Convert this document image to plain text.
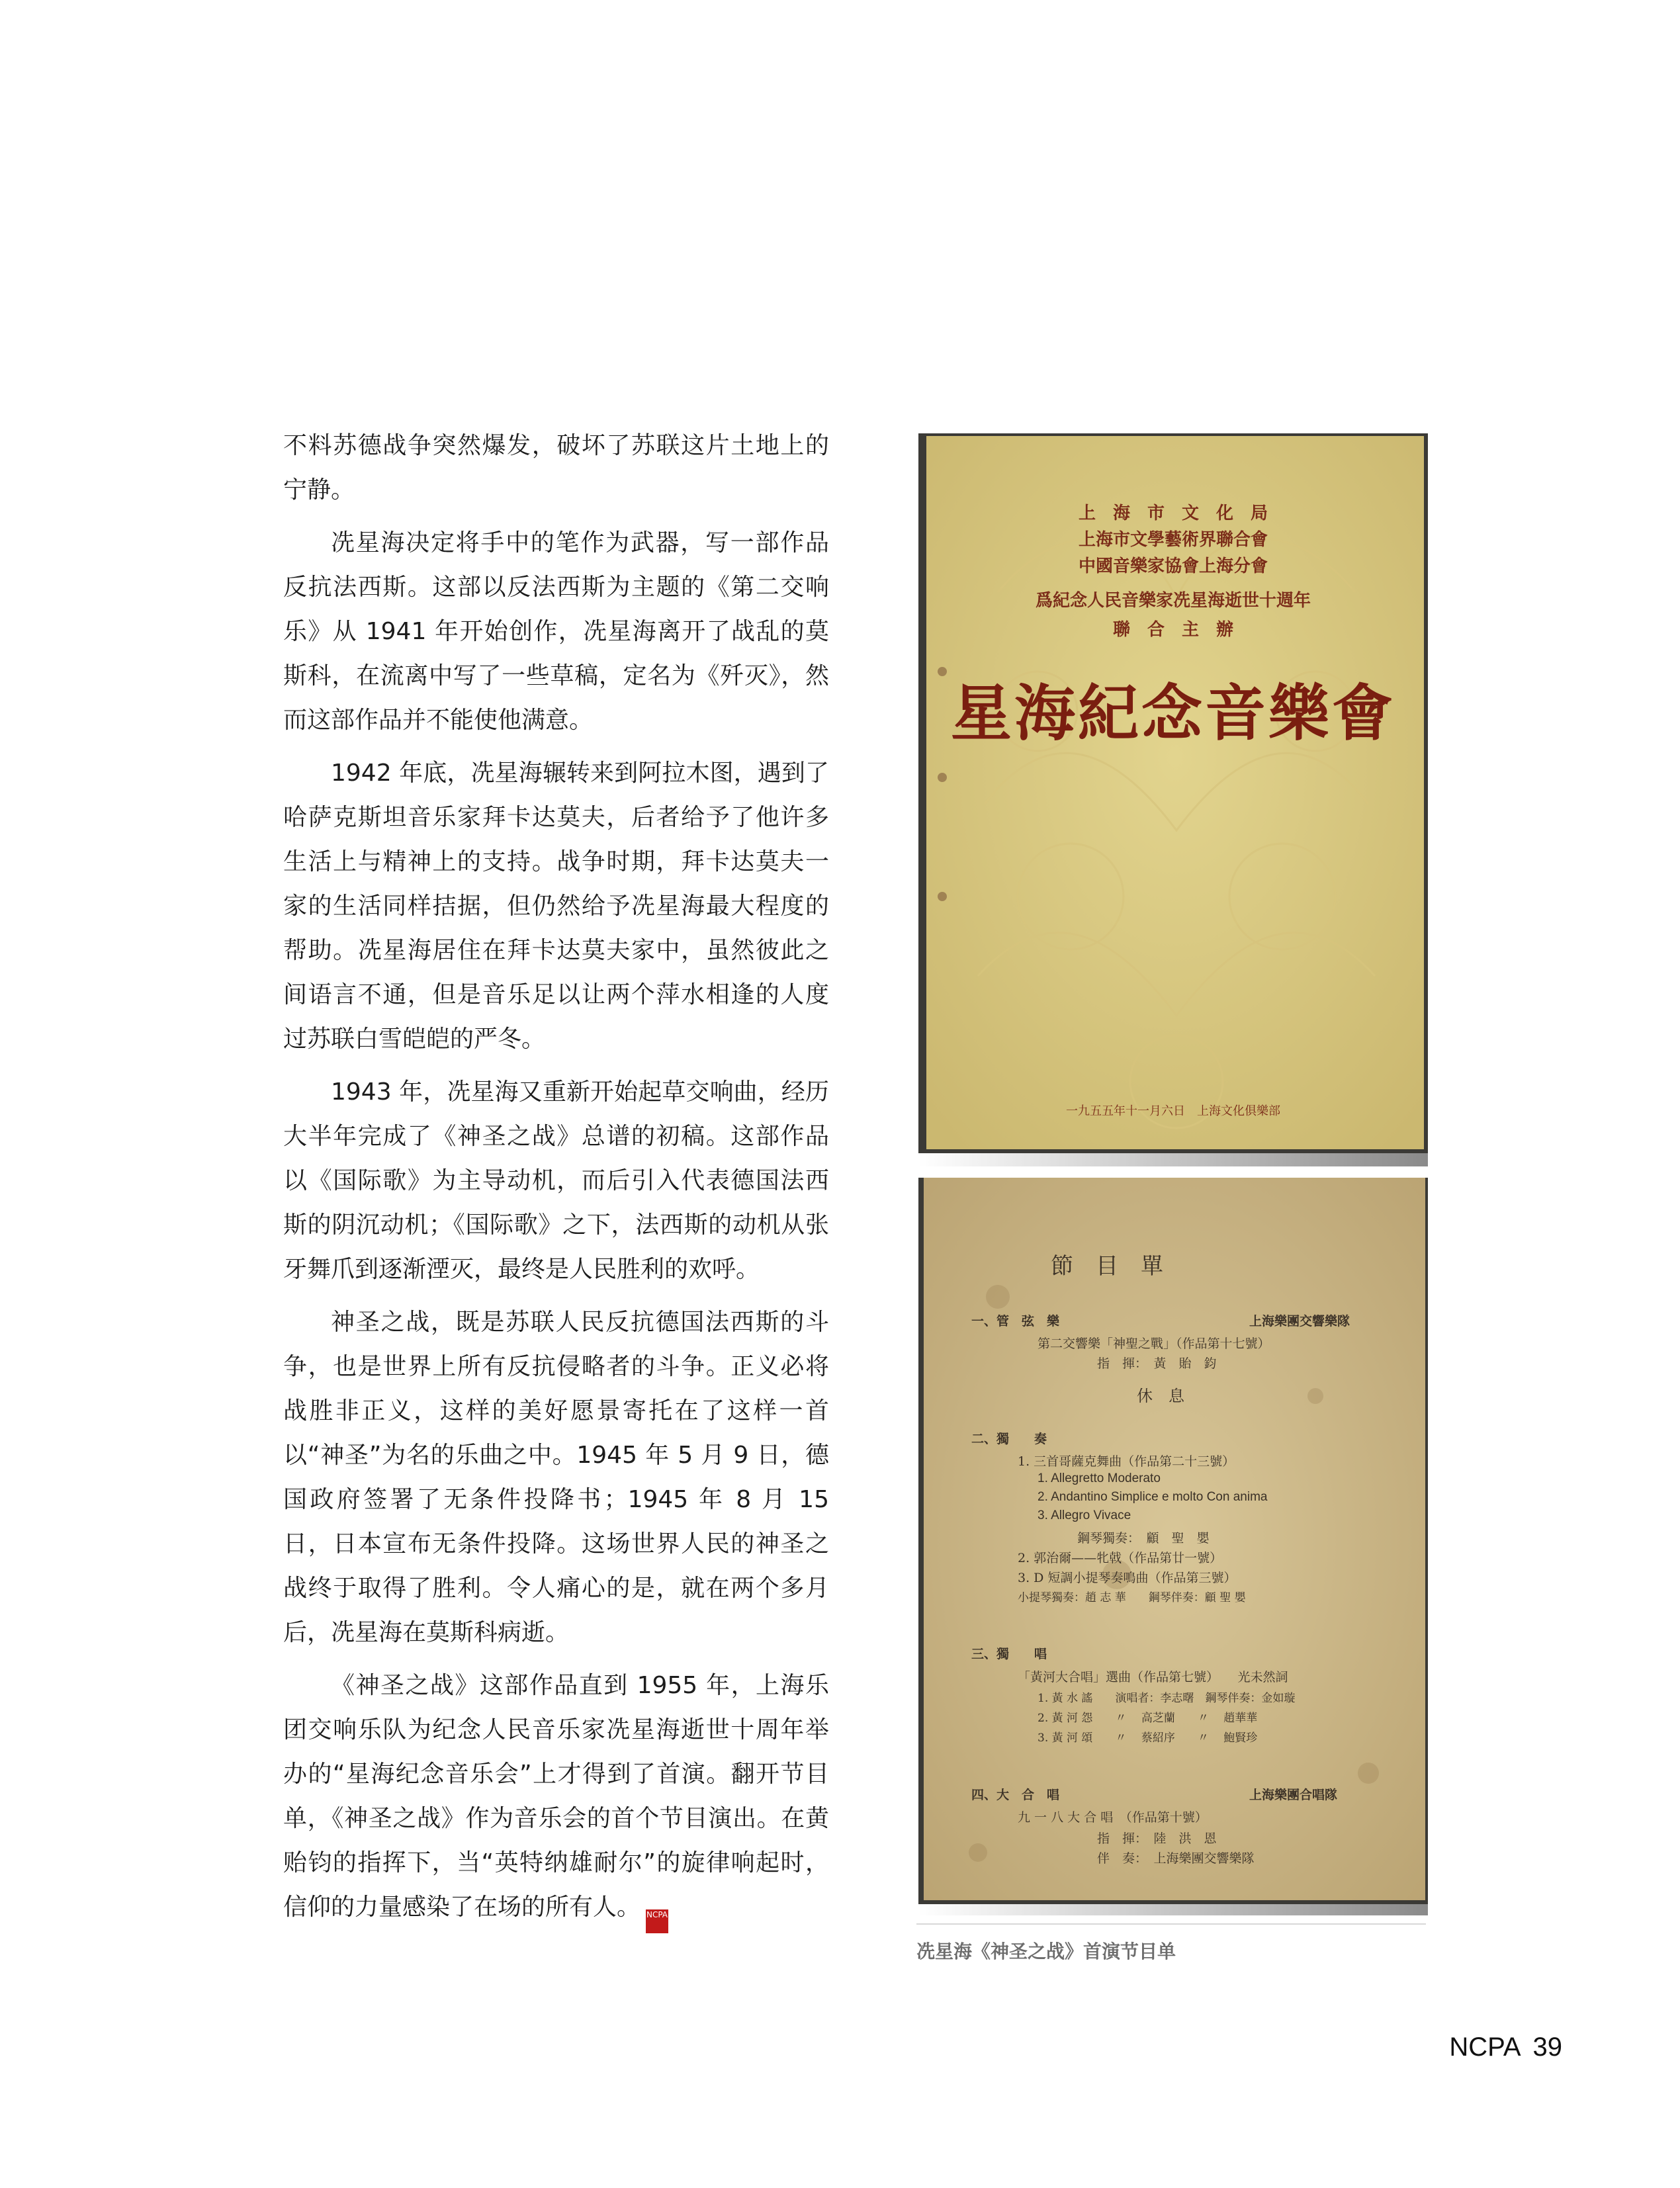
不料苏德战争突然爆发，破坏了苏联这片土地上的宁静。

冼星海决定将手中的笔作为武器，写一部作品反抗法西斯。这部以反法西斯为主题的《第二交响乐》从 1941 年开始创作，冼星海离开了战乱的莫斯科，在流离中写了一些草稿，定名为《歼灭》，然而这部作品并不能使他满意。

1942 年底，冼星海辗转来到阿拉木图，遇到了哈萨克斯坦音乐家拜卡达莫夫，后者给予了他许多生活上与精神上的支持。战争时期，拜卡达莫夫一家的生活同样拮据，但仍然给予冼星海最大程度的帮助。冼星海居住在拜卡达莫夫家中，虽然彼此之间语言不通，但是音乐足以让两个萍水相逢的人度过苏联白雪皑皑的严冬。

1943 年，冼星海又重新开始起草交响曲，经历大半年完成了《神圣之战》总谱的初稿。这部作品以《国际歌》为主导动机，而后引入代表德国法西斯的阴沉动机；《国际歌》之下，法西斯的动机从张牙舞爪到逐渐湮灭，最终是人民胜利的欢呼。

神圣之战，既是苏联人民反抗德国法西斯的斗争，也是世界上所有反抗侵略者的斗争。正义必将战胜非正义，这样的美好愿景寄托在了这样一首以“神圣”为名的乐曲之中。1945 年 5 月 9 日，德国政府签署了无条件投降书；1945 年 8 月 15 日，日本宣布无条件投降。这场世界人民的神圣之战终于取得了胜利。令人痛心的是，就在两个多月后，冼星海在莫斯科病逝。

《神圣之战》这部作品直到 1955 年，上海乐团交响乐队为纪念人民音乐家冼星海逝世十周年举办的“星海纪念音乐会”上才得到了首演。翻开节目单，《神圣之战》作为音乐会的首个节目演出。在黄贻钧的指挥下，当“英特纳雄耐尔”的旋律响起时，信仰的力量感染了在场的所有人。 NCPA

上　海　市　文　化　局
上海市文學藝術界聯合會
中國音樂家協會上海分會
爲紀念人民音樂家冼星海逝世十週年
聯　合　主　辦
星海紀念音樂會
一九五五年十一月六日　上海文化俱樂部
節　目　單
一、管　弦　樂	上海樂團交響樂隊
第二交響樂「神聖之戰」（作品第十七號）
指　揮：　黃　貽　鈞
休　息
二、獨　　奏
1. 三首哥薩克舞曲（作品第二十三號）
1. Allegretto Moderato
2. Andantino Simplice e molto Con anima
3. Allegro Vivace
鋼琴獨奏：　顧　聖　嬰
2. 郭治爾——牝戟（作品第廿一號）
3. D 短調小提琴奏鳴曲（作品第三號）
小提琴獨奏：趙 志 華　　鋼琴伴奏：顧 聖 嬰
三、獨　　唱
「黃河大合唱」選曲（作品第七號）　　光未然詞
1. 黃 水 謠　　演唱者：李志曙　鋼琴伴奏：金如璇
2. 黃 河 怨　　〃　 高芝蘭　　〃　 趙華華
3. 黃 河 頌　　〃　 蔡紹序　　〃　 鮑賢珍
四、大　合　唱	上海樂團合唱隊
九 一 八 大 合 唱　（作品第十號）
指　揮：　陸　洪　恩
伴　奏：　上海樂團交響樂隊
冼星海《神圣之战》首演节目单
NCPA 39
